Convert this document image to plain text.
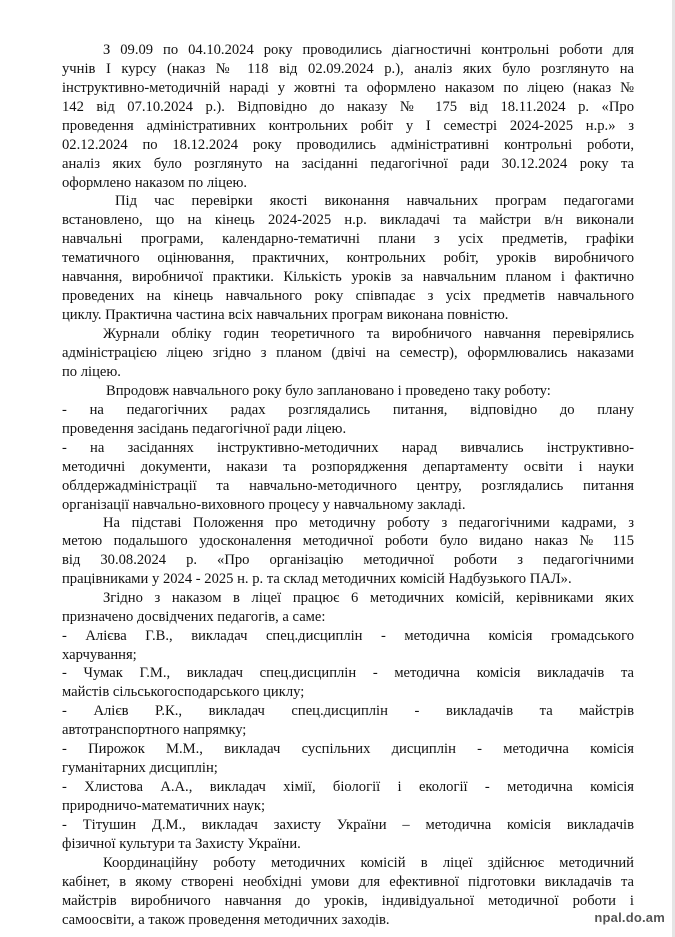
З 09.09 по 04.10.2024 року проводились діагностичні контрольні роботи для
учнів І курсу (наказ № 118 від 02.09.2024 р.), аналіз яких було розглянуто на
інструктивно-методичній нараді у жовтні та оформлено наказом по ліцею (наказ №
142 від 07.10.2024 р.). Відповідно до наказу № 175 від 18.11.2024 р. «Про
проведення адміністративних контрольних робіт у І семестрі 2024-2025 н.р.» з
02.12.2024 по 18.12.2024 року проводились адміністративні контрольні роботи,
аналіз яких було розглянуто на засіданні педагогічної ради 30.12.2024 року та
оформлено наказом по ліцею.
Під час перевірки якості виконання навчальних програм педагогами
встановлено, що на кінець 2024-2025 н.р. викладачі та майстри в/н виконали
навчальні програми, календарно-тематичні плани з усіх предметів, графіки
тематичного оцінювання, практичних, контрольних робіт, уроків виробничого
навчання, виробничої практики. Кількість уроків за навчальним планом і фактично
проведених на кінець навчального року співпадає з усіх предметів навчального
циклу. Практична частина всіх навчальних програм виконана повністю.
Журнали обліку годин теоретичного та виробничого навчання перевірялись
адміністрацією ліцею згідно з планом (двічі на семестр), оформлювались наказами
по ліцею.
Впродовж навчального року було заплановано і проведено таку роботу:
- на педагогічних радах розглядались питання, відповідно до плану
проведення засідань педагогічної ради ліцею.
- на засіданнях інструктивно-методичних нарад вивчались інструктивно-
методичні документи, накази та розпорядження департаменту освіти і науки
облдержадміністрації та навчально-методичного центру, розглядались питання
організації навчально-виховного процесу у навчальному закладі.
На підставі Положення про методичну роботу з педагогічними кадрами, з
метою подальшого удосконалення методичної роботи було видано наказ № 115
від 30.08.2024 р. «Про організацію методичної роботи з педагогічними
працівниками у 2024 - 2025 н. р. та склад методичних комісій Надбузького ПАЛ».
Згідно з наказом в ліцеї працює 6 методичних комісій, керівниками яких
призначено досвідчених педагогів, а саме:
- Алієва Г.В., викладач спец.дисциплін - методична комісія громадського
харчування;
- Чумак Г.М., викладач спец.дисциплін - методична комісія викладачів та
майстів сільськогосподарського циклу;
- Алієв Р.К., викладач спец.дисциплін - викладачів та майстрів
автотранспортного напрямку;
- Пирожок М.М., викладач суспільних дисциплін - методична комісія
гуманітарних дисциплін;
- Хлистова А.А., викладач хімії, біології і екології - методична комісія
природничо-математичних наук;
- Тітушин Д.М., викладач захисту України – методична комісія викладачів
фізичної культури та Захисту України.
Координаційну роботу методичних комісій в ліцеї здійснює методичний
кабінет, в якому створені необхідні умови для ефективної підготовки викладачів та
майстрів виробничого навчання до уроків, індивідуальної методичної роботи і
самоосвіти, а також проведення методичних заходів.	npal.do.am
